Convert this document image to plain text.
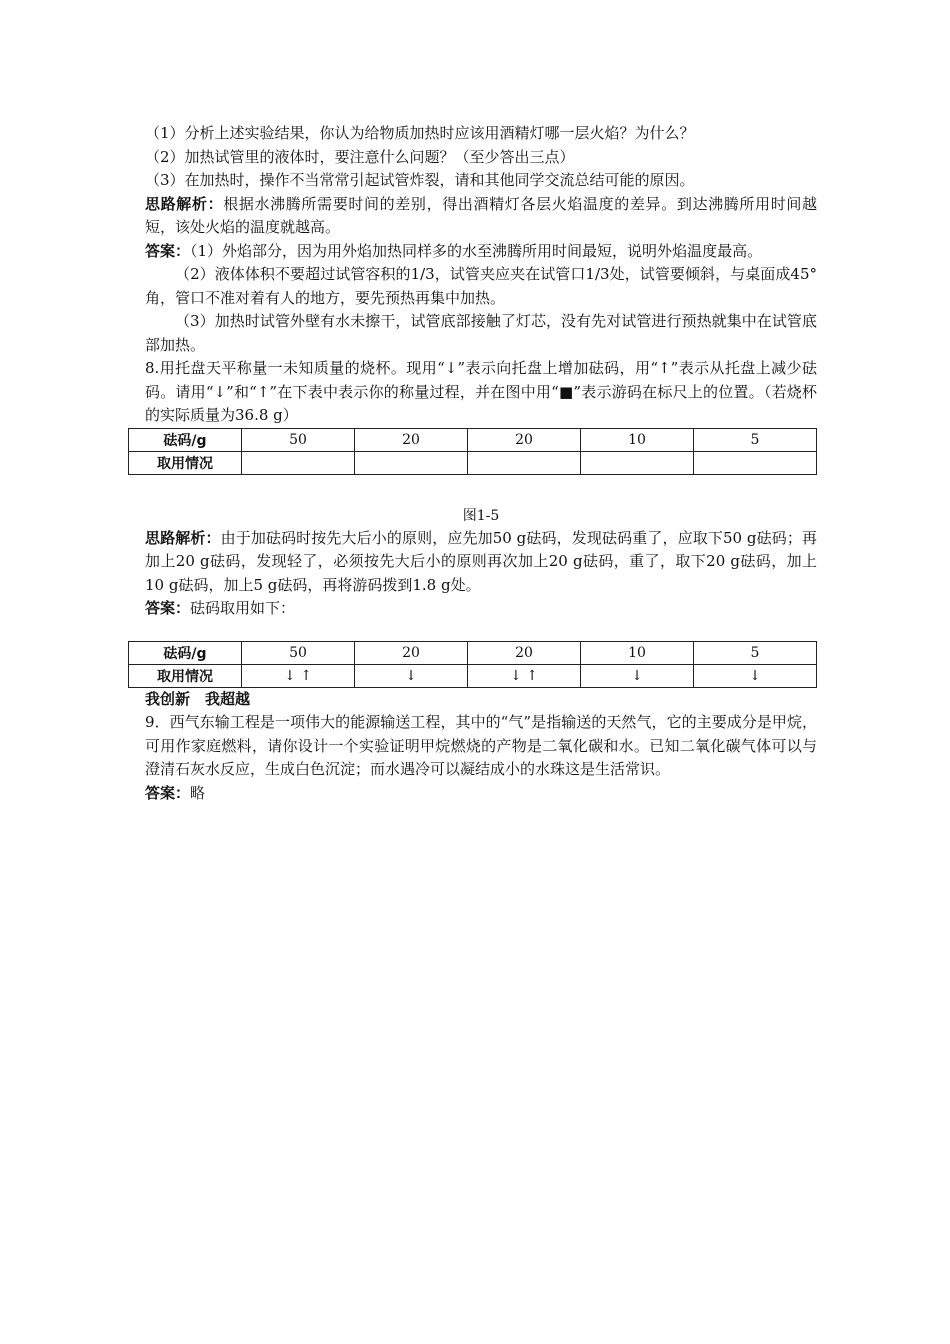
（1）分析上述实验结果，你认为给物质加热时应该用酒精灯哪一层火焰？为什么？
（2）加热试管里的液体时，要注意什么问题？（至少答出三点）
（3）在加热时，操作不当常常引起试管炸裂，请和其他同学交流总结可能的原因。
思路解析：根据水沸腾所需要时间的差别，得出酒精灯各层火焰温度的差异。到达沸腾所用时间越短，该处火焰的温度就越高。
答案：（1）外焰部分，因为用外焰加热同样多的水至沸腾所用时间最短，说明外焰温度最高。
（2）液体体积不要超过试管容积的1/3，试管夹应夹在试管口1/3处，试管要倾斜，与桌面成45°角，管口不准对着有人的地方，要先预热再集中加热。
（3）加热时试管外壁有水未擦干，试管底部接触了灯芯，没有先对试管进行预热就集中在试管底部加热。
8.用托盘天平称量一未知质量的烧杯。现用“↓”表示向托盘上增加砝码，用“↑”表示从托盘上减少砝码。请用“↓”和“↑”在下表中表示你的称量过程，并在图中用“■”表示游码在标尺上的位置。（若烧杯的实际质量为36.8 g）
砝码/g	50	20	20	10	5
取用情况					
图1-5
思路解析：由于加砝码时按先大后小的原则，应先加50 g砝码，发现砝码重了，应取下50 g砝码；再加上20 g砝码，发现轻了，必须按先大后小的原则再次加上20 g砝码，重了，取下20 g砝码，加上10 g砝码，加上5 g砝码，再将游码拨到1.8 g处。
答案：砝码取用如下：
砝码/g	50	20	20	10	5
取用情况	↓ ↑	↓	↓ ↑	↓	↓
我创新　我超越
9．西气东输工程是一项伟大的能源输送工程，其中的“气”是指输送的天然气，它的主要成分是甲烷，可用作家庭燃料，请你设计一个实验证明甲烷燃烧的产物是二氧化碳和水。已知二氧化碳气体可以与澄清石灰水反应，生成白色沉淀；而水遇冷可以凝结成小的水珠这是生活常识。
答案：略
